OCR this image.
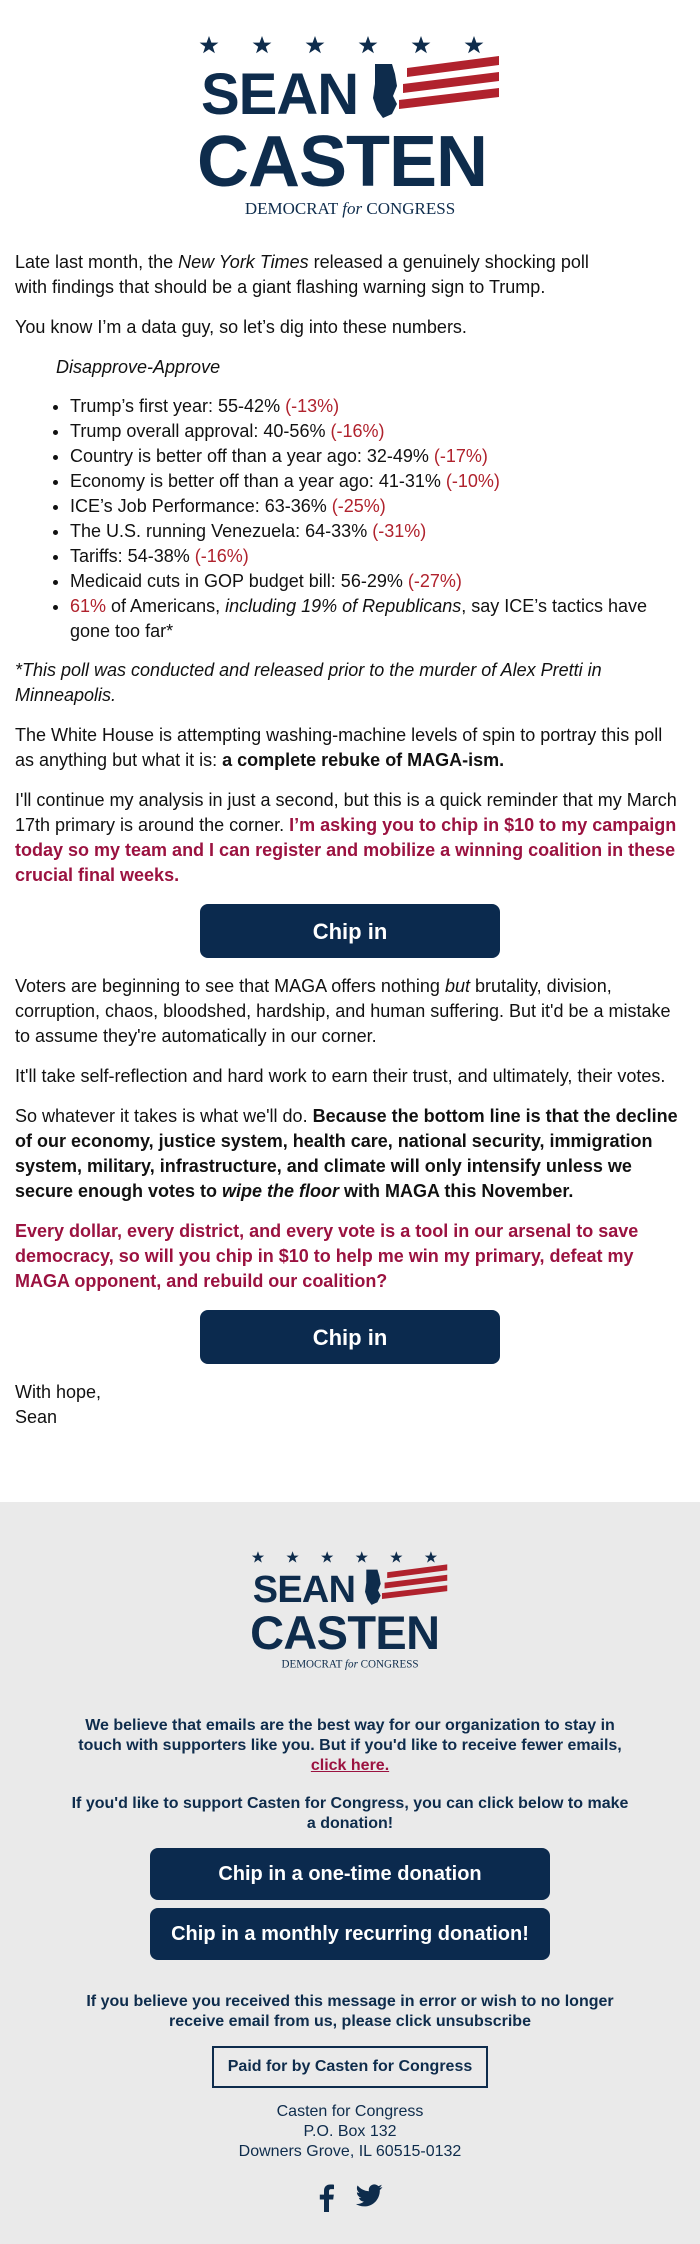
SEAN
CASTEN
DEMOCRAT for CONGRESS

Late last month, the New York Times released a genuinely shocking poll with findings that should be a giant flashing warning sign to Trump.

You know I’m a data guy, so let’s dig into these numbers.

Disapprove-Approve

• Trump’s first year: 55-42% (-13%)
• Trump overall approval: 40-56% (-16%)
• Country is better off than a year ago: 32-49% (-17%)
• Economy is better off than a year ago: 41-31% (-10%)
• ICE’s Job Performance: 63-36% (-25%)
• The U.S. running Venezuela: 64-33% (-31%)
• Tariffs: 54-38% (-16%)
• Medicaid cuts in GOP budget bill: 56-29% (-27%)
• 61% of Americans, including 19% of Republicans, say ICE’s tactics have gone too far*

*This poll was conducted and released prior to the murder of Alex Pretti in Minneapolis.

The White House is attempting washing-machine levels of spin to portray this poll as anything but what it is: a complete rebuke of MAGA-ism.

I'll continue my analysis in just a second, but this is a quick reminder that my March 17th primary is around the corner. I’m asking you to chip in $10 to my campaign today so my team and I can register and mobilize a winning coalition in these crucial final weeks.

Chip in

Voters are beginning to see that MAGA offers nothing but brutality, division, corruption, chaos, bloodshed, hardship, and human suffering. But it'd be a mistake to assume they're automatically in our corner.

It'll take self-reflection and hard work to earn their trust, and ultimately, their votes.

So whatever it takes is what we'll do. Because the bottom line is that the decline of our economy, justice system, health care, national security, immigration system, military, infrastructure, and climate will only intensify unless we secure enough votes to wipe the floor with MAGA this November.

Every dollar, every district, and every vote is a tool in our arsenal to save democracy, so will you chip in $10 to help me win my primary, defeat my MAGA opponent, and rebuild our coalition?

Chip in

With hope,

Sean

SEAN
CASTEN
DEMOCRAT for CONGRESS

We believe that emails are the best way for our organization to stay in touch with supporters like you. But if you'd like to receive fewer emails, click here.

If you'd like to support Casten for Congress, you can click below to make a donation!

Chip in a one-time donation
Chip in a monthly recurring donation!

If you believe you received this message in error or wish to no longer receive email from us, please click unsubscribe

Paid for by Casten for Congress

Casten for Congress

P.O. Box 132

Downers Grove, IL 60515-0132
